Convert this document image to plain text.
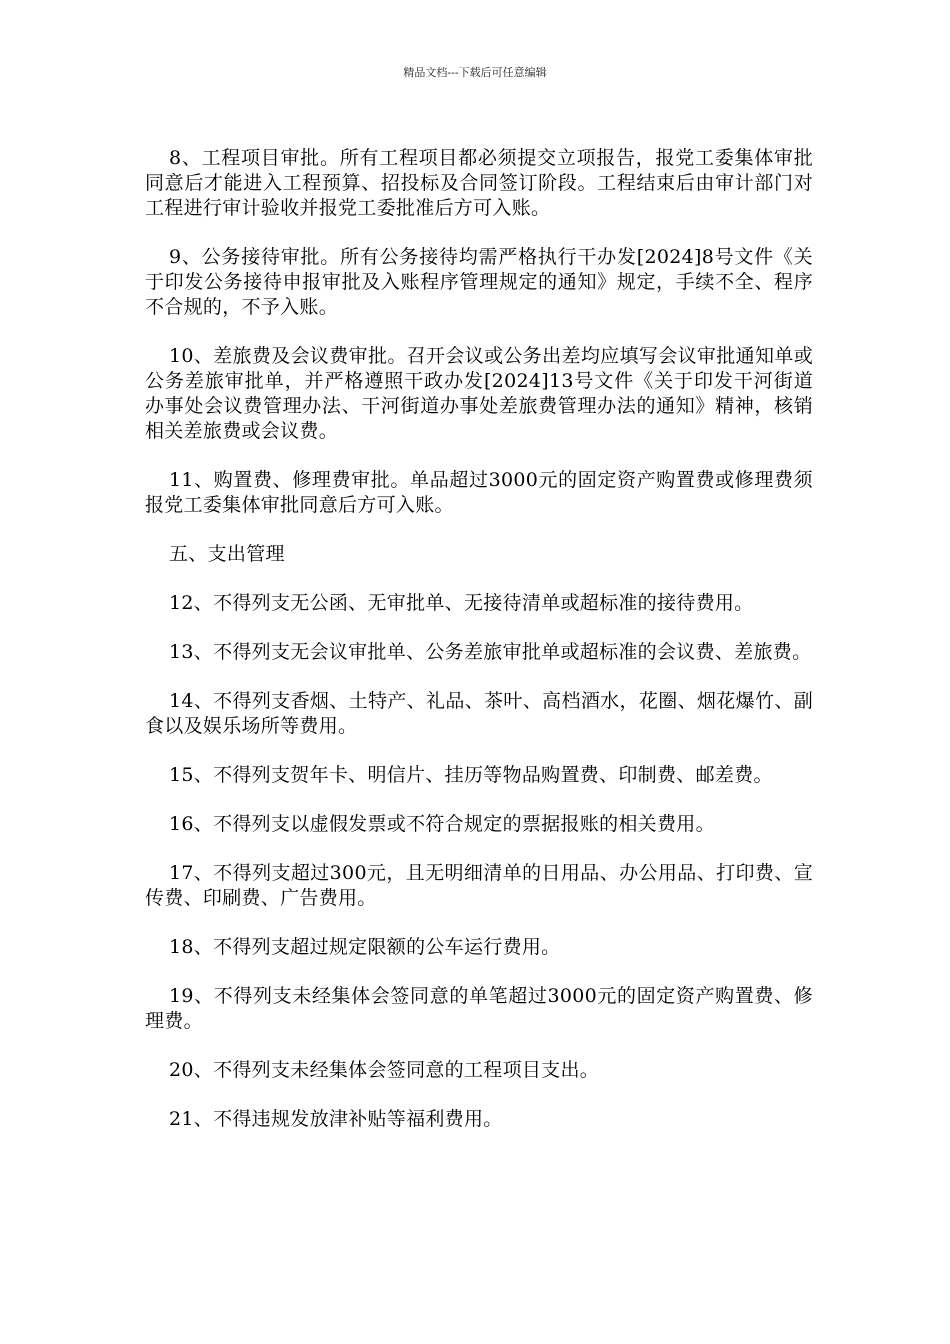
精品文档---下载后可任意编辑

8、工程项目审批。所有工程项目都必须提交立项报告，报党工委集体审批同意后才能进入工程预算、招投标及合同签订阶段。工程结束后由审计部门对工程进行审计验收并报党工委批准后方可入账。

9、公务接待审批。所有公务接待均需严格执行干办发[2024]8号文件《关于印发公务接待申报审批及入账程序管理规定的通知》规定，手续不全、程序不合规的，不予入账。

10、差旅费及会议费审批。召开会议或公务出差均应填写会议审批通知单或公务差旅审批单，并严格遵照干政办发[2024]13号文件《关于印发干河街道办事处会议费管理办法、干河街道办事处差旅费管理办法的通知》精神，核销相关差旅费或会议费。

11、购置费、修理费审批。单品超过3000元的固定资产购置费或修理费须报党工委集体审批同意后方可入账。

五、支出管理

12、不得列支无公函、无审批单、无接待清单或超标准的接待费用。

13、不得列支无会议审批单、公务差旅审批单或超标准的会议费、差旅费。

14、不得列支香烟、土特产、礼品、茶叶、高档酒水，花圈、烟花爆竹、副食以及娱乐场所等费用。

15、不得列支贺年卡、明信片、挂历等物品购置费、印制费、邮差费。

16、不得列支以虚假发票或不符合规定的票据报账的相关费用。

17、不得列支超过300元，且无明细清单的日用品、办公用品、打印费、宣传费、印刷费、广告费用。

18、不得列支超过规定限额的公车运行费用。

19、不得列支未经集体会签同意的单笔超过3000元的固定资产购置费、修理费。

20、不得列支未经集体会签同意的工程项目支出。

21、不得违规发放津补贴等福利费用。
